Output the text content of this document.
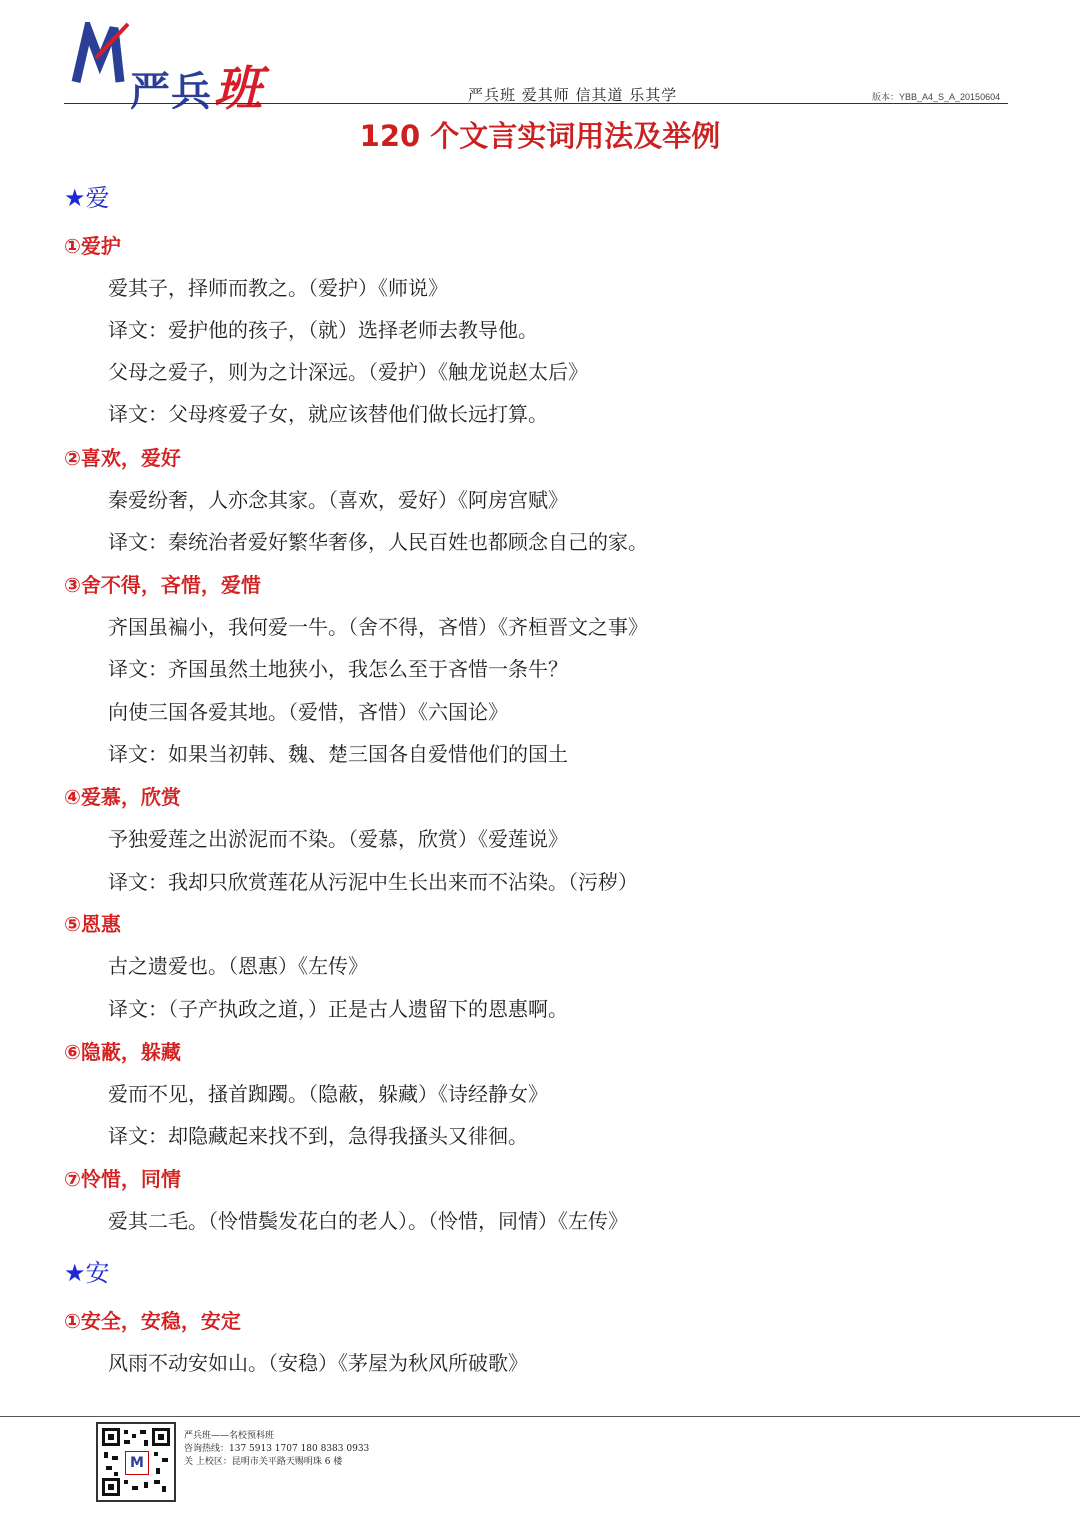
严兵班	严兵班 爱其师 信其道 乐其学	版本：YBB_A4_S_A_20150604
120 个文言实词用法及举例
★爱
①爱护
爱其子，择师而教之。（爱护）《师说》
译文：爱护他的孩子，（就）选择老师去教导他。
父母之爱子，则为之计深远。（爱护）《触龙说赵太后》
译文：父母疼爱子女，就应该替他们做长远打算。
②喜欢，爱好
秦爱纷奢，人亦念其家。（喜欢，爱好）《阿房宫赋》
译文：秦统治者爱好繁华奢侈，人民百姓也都顾念自己的家。
③舍不得，吝惜，爱惜
齐国虽褊小，我何爱一牛。（舍不得，吝惜）《齐桓晋文之事》
译文：齐国虽然土地狭小，我怎么至于吝惜一条牛？
向使三国各爱其地。（爱惜，吝惜）《六国论》
译文：如果当初韩、魏、楚三国各自爱惜他们的国土
④爱慕，欣赏
予独爱莲之出淤泥而不染。（爱慕，欣赏）《爱莲说》
译文：我却只欣赏莲花从污泥中生长出来而不沾染。（污秽）
⑤恩惠
古之遗爱也。（恩惠）《左传》
译文：（子产执政之道，）正是古人遗留下的恩惠啊。
⑥隐蔽，躲藏
爱而不见，搔首踟躅。（隐蔽，躲藏）《诗经静女》
译文：却隐藏起来找不到，急得我搔头又徘徊。
⑦怜惜，同情
爱其二毛。（怜惜鬓发花白的老人）。（怜惜，同情）《左传》
★安
①安全，安稳，安定
风雨不动安如山。（安稳）《茅屋为秋风所破歌》
M
严兵班——名校预科班
咨询热线：137 5913 1707 180 8383 0933
关 上校区：昆明市关平路天赐明珠 6 楼
